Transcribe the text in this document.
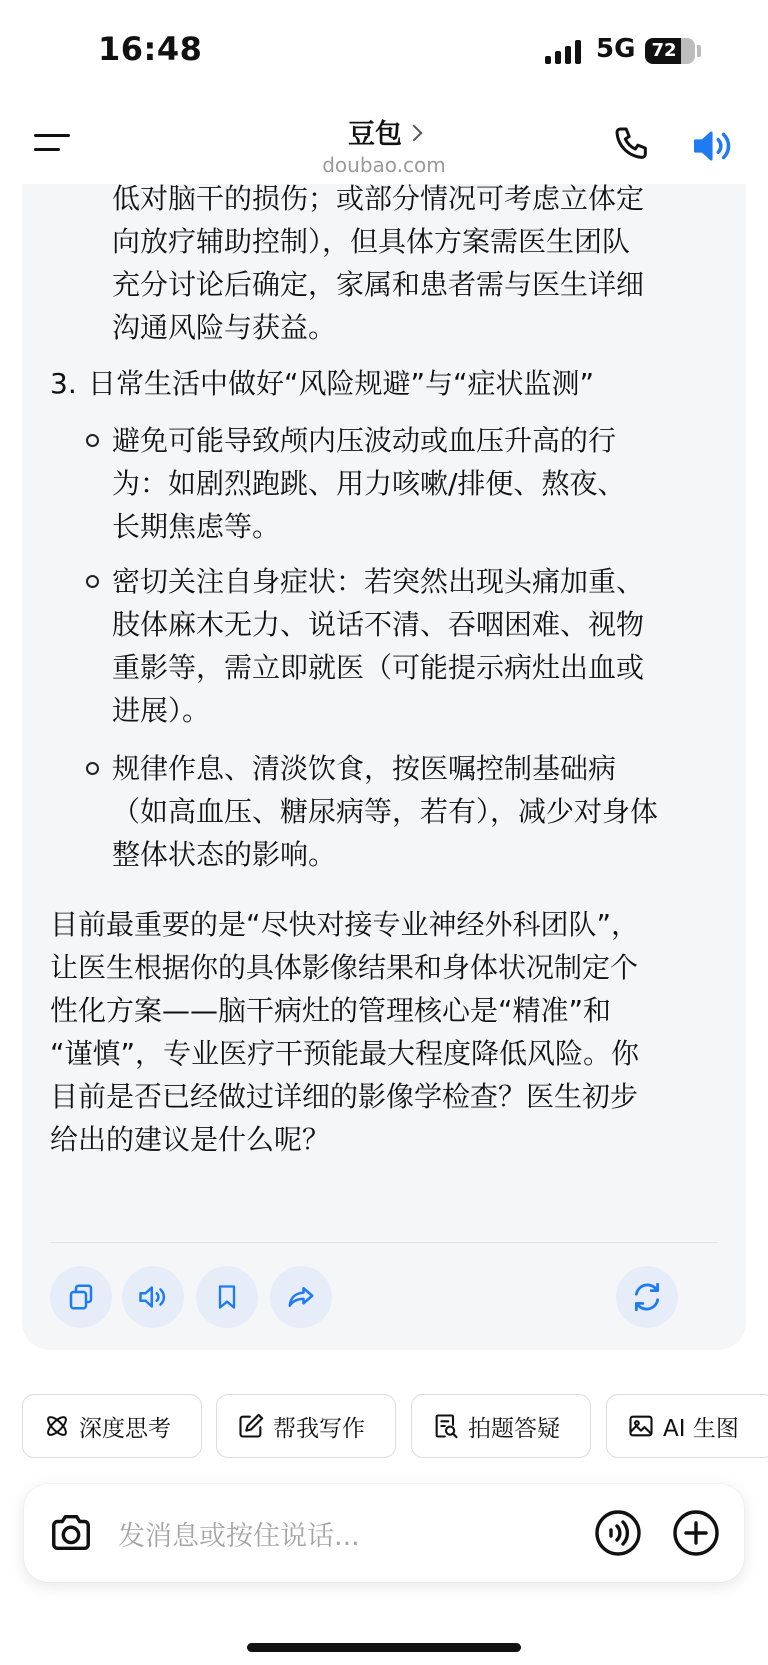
16:48	5G 72
豆包
doubao.com
低对脑干的损伤；或部分情况可考虑立体定
向放疗辅助控制），但具体方案需医生团队
充分讨论后确定，家属和患者需与医生详细
沟通风险与获益。
3. 日常生活中做好“风险规避”与“症状监测”
避免可能导致颅内压波动或血压升高的行
为：如剧烈跑跳、用力咳嗽/排便、熬夜、
长期焦虑等。
密切关注自身症状：若突然出现头痛加重、
肢体麻木无力、说话不清、吞咽困难、视物
重影等，需立即就医（可能提示病灶出血或
进展）。
规律作息、清淡饮食，按医嘱控制基础病
（如高血压、糖尿病等，若有），减少对身体
整体状态的影响。
目前最重要的是“尽快对接专业神经外科团队”，
让医生根据你的具体影像结果和身体状况制定个
性化方案——脑干病灶的管理核心是“精准”和
“谨慎”，专业医疗干预能最大程度降低风险。你
目前是否已经做过详细的影像学检查？医生初步
给出的建议是什么呢？
深度思考	帮我写作	拍题答疑	AI 生图
发消息或按住说话...
